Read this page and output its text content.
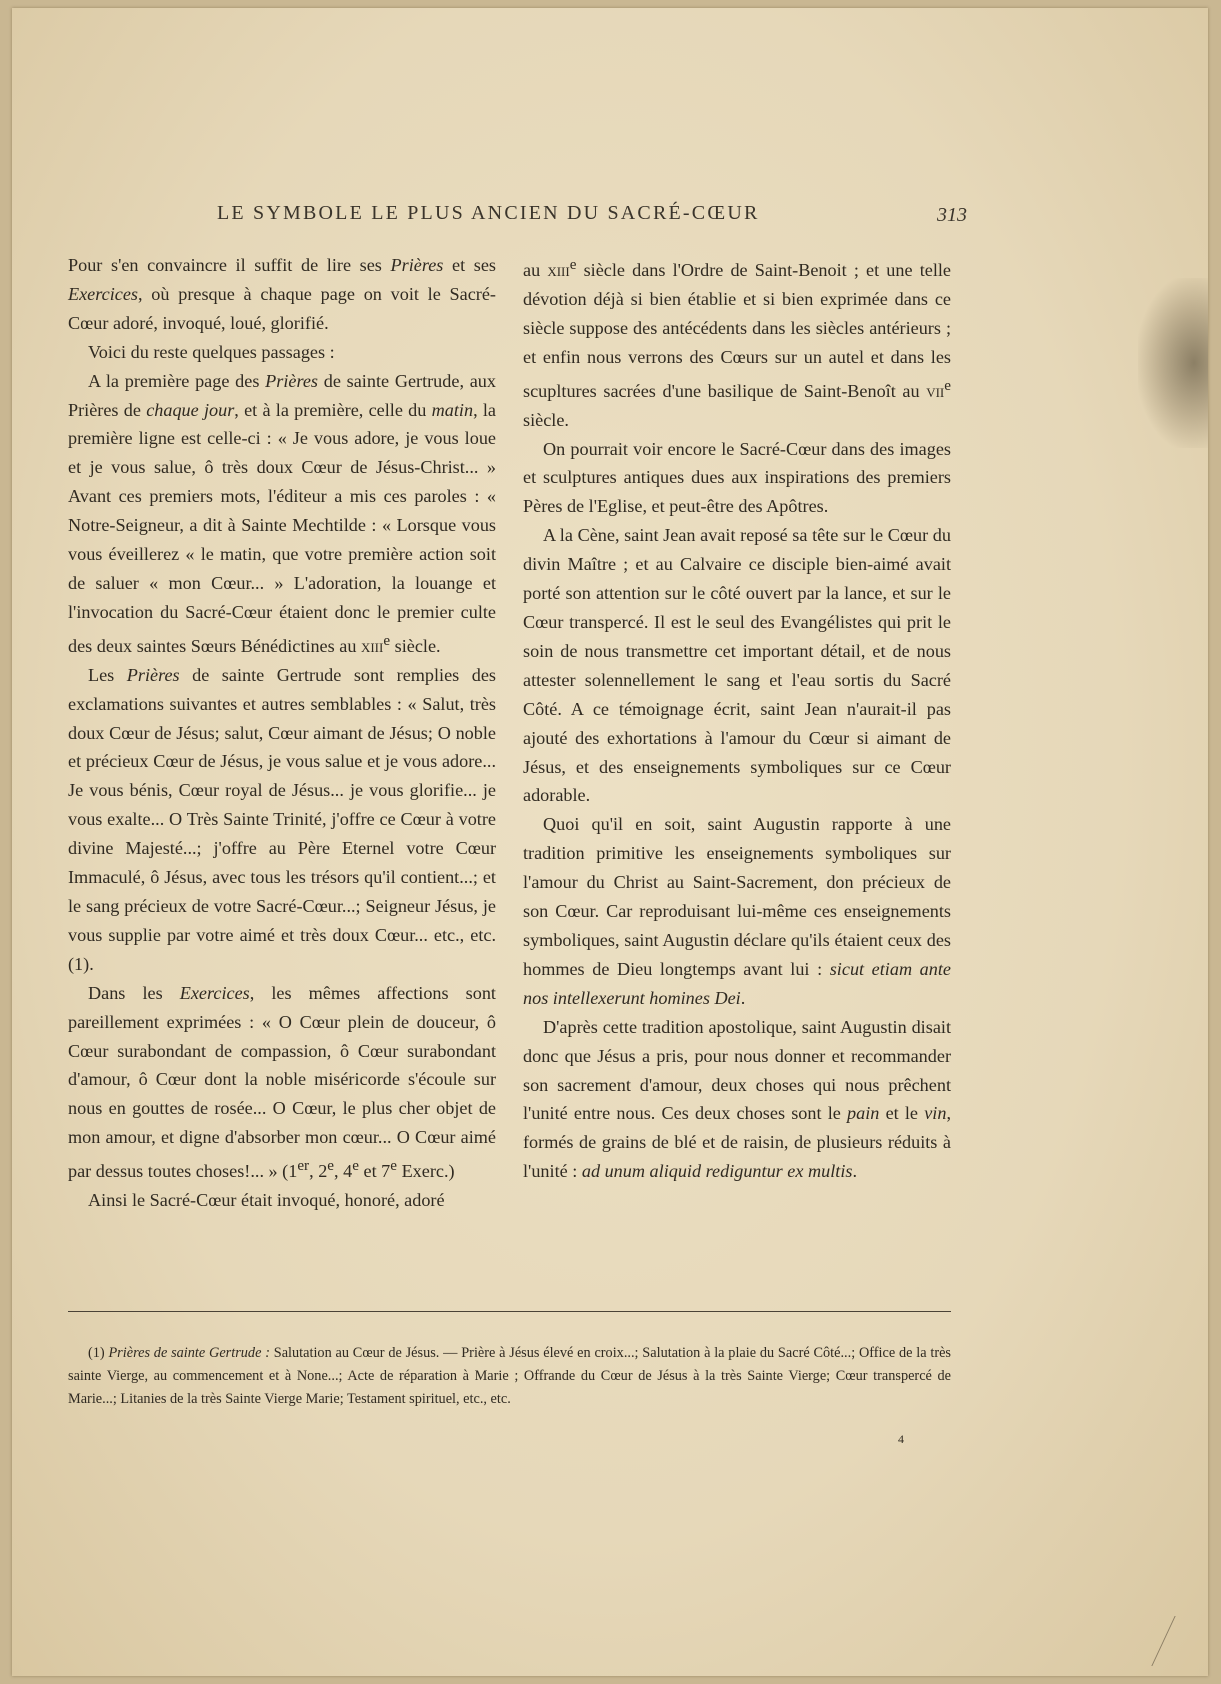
LE SYMBOLE LE PLUS ANCIEN DU SACRÉ-CŒUR	313

Pour s'en convaincre il suffit de lire ses Prières et ses Exercices, où presque à chaque page on voit le Sacré-Cœur adoré, invoqué, loué, glorifié.

Voici du reste quelques passages :

A la première page des Prières de sainte Gertrude, aux Prières de chaque jour, et à la première, celle du matin, la première ligne est celle-ci : « Je vous adore, je vous loue et je vous salue, ô très doux Cœur de Jésus-Christ... » Avant ces premiers mots, l'éditeur a mis ces paroles : « Notre-Seigneur, a dit à Sainte Mechtilde : « Lorsque vous vous éveillerez « le matin, que votre première action soit de saluer « mon Cœur... » L'adoration, la louange et l'invocation du Sacré-Cœur étaient donc le premier culte des deux saintes Sœurs Bénédictines au xiii$^e$ siècle.

Les Prières de sainte Gertrude sont remplies des exclamations suivantes et autres semblables : « Salut, très doux Cœur de Jésus; salut, Cœur aimant de Jésus; O noble et précieux Cœur de Jésus, je vous salue et je vous adore... Je vous bénis, Cœur royal de Jésus... je vous glorifie... je vous exalte... O Très Sainte Trinité, j'offre ce Cœur à votre divine Majesté...; j'offre au Père Eternel votre Cœur Immaculé, ô Jésus, avec tous les trésors qu'il contient...; et le sang précieux de votre Sacré-Cœur...; Seigneur Jésus, je vous supplie par votre aimé et très doux Cœur... etc., etc. (1).

Dans les Exercices, les mêmes affections sont pareillement exprimées : « O Cœur plein de douceur, ô Cœur surabondant de compassion, ô Cœur surabondant d'amour, ô Cœur dont la noble miséricorde s'écoule sur nous en gouttes de rosée... O Cœur, le plus cher objet de mon amour, et digne d'absorber mon cœur... O Cœur aimé par dessus toutes choses!... » (1er, 2e, 4e et 7e Exerc.)

Ainsi le Sacré-Cœur était invoqué, honoré, adoré

au xiii$^e$ siècle dans l'Ordre de Saint-Benoit ; et une telle dévotion déjà si bien établie et si bien exprimée dans ce siècle suppose des antécédents dans les siècles antérieurs ; et enfin nous verrons des Cœurs sur un autel et dans les scupltures sacrées d'une basilique de Saint-Benoît au vii$^e$ siècle.

On pourrait voir encore le Sacré-Cœur dans des images et sculptures antiques dues aux inspirations des premiers Pères de l'Eglise, et peut-être des Apôtres.

A la Cène, saint Jean avait reposé sa tête sur le Cœur du divin Maître ; et au Calvaire ce disciple bien-aimé avait porté son attention sur le côté ouvert par la lance, et sur le Cœur transpercé. Il est le seul des Evangélistes qui prit le soin de nous transmettre cet important détail, et de nous attester solennellement le sang et l'eau sortis du Sacré Côté. A ce témoignage écrit, saint Jean n'aurait-il pas ajouté des exhortations à l'amour du Cœur si aimant de Jésus, et des enseignements symboliques sur ce Cœur adorable.

Quoi qu'il en soit, saint Augustin rapporte à une tradition primitive les enseignements symboliques sur l'amour du Christ au Saint-Sacrement, don précieux de son Cœur. Car reproduisant lui-même ces enseignements symboliques, saint Augustin déclare qu'ils étaient ceux des hommes de Dieu longtemps avant lui : sicut etiam ante nos intellexerunt homines Dei.

D'après cette tradition apostolique, saint Augustin disait donc que Jésus a pris, pour nous donner et recommander son sacrement d'amour, deux choses qui nous prêchent l'unité entre nous. Ces deux choses sont le pain et le vin, formés de grains de blé et de raisin, de plusieurs réduits à l'unité : ad unum aliquid rediguntur ex multis.

(1) Prières de sainte Gertrude : Salutation au Cœur de Jésus. — Prière à Jésus élevé en croix...; Salutation à la plaie du Sacré Côté...; Office de la très sainte Vierge, au commencement et à None...; Acte de réparation à Marie ; Offrande du Cœur de Jésus à la très Sainte Vierge; Cœur transpercé de Marie...; Litanies de la très Sainte Vierge Marie; Testament spirituel, etc., etc.

4
